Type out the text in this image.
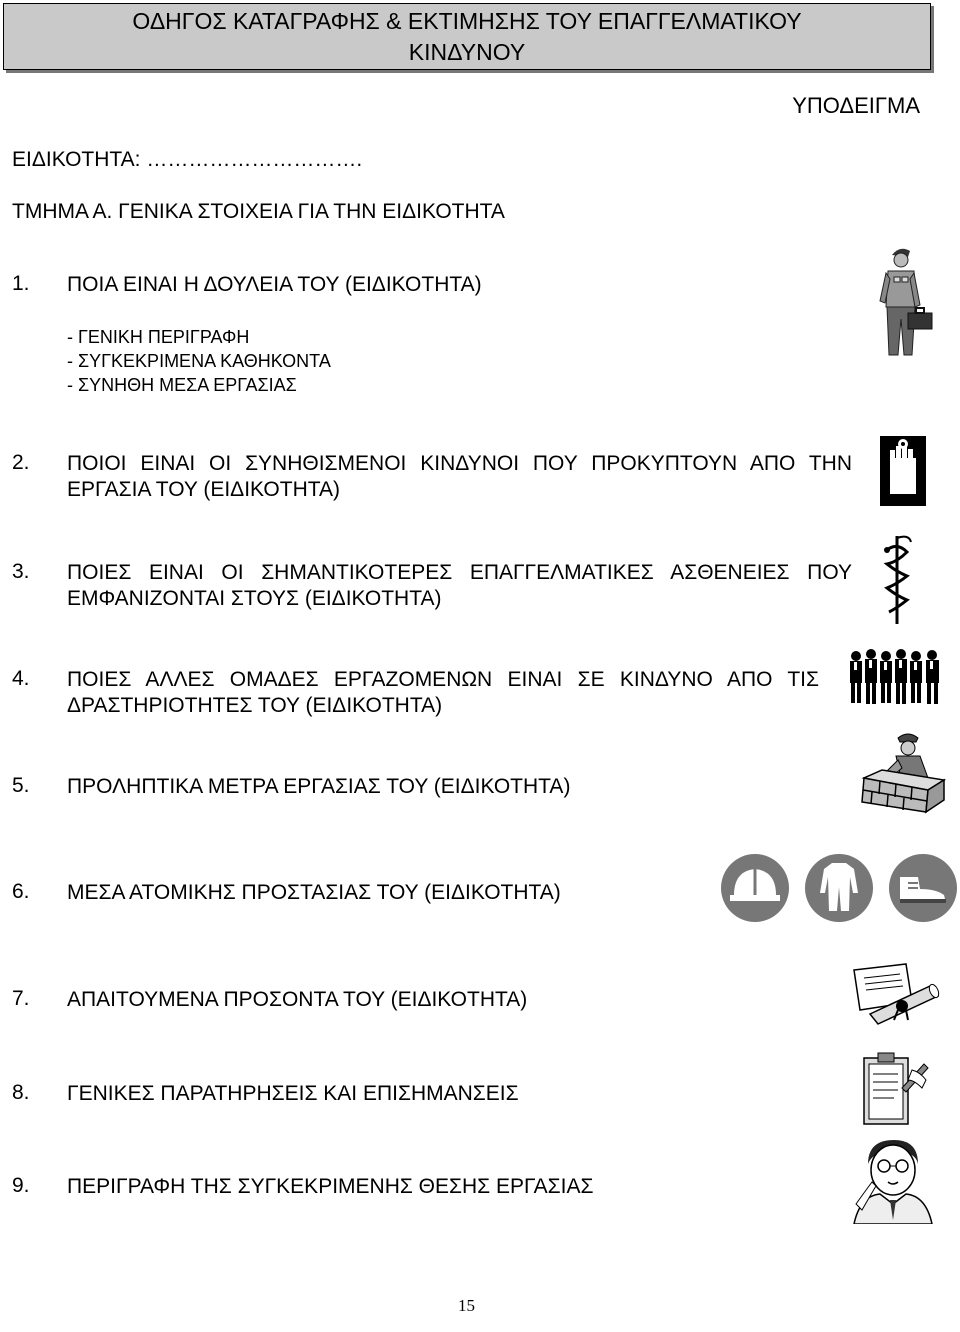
ΟΔΗΓΟΣ ΚΑΤΑΓΡΑΦΗΣ & ΕΚΤΙΜΗΣΗΣ ΤΟΥ ΕΠΑΓΓΕΛΜΑΤΙΚΟΥ
ΚΙΝΔΥΝΟΥ
ΥΠΟΔΕΙΓΜΑ
ΕΙΔΙΚΟΤΗΤΑ: ………………………….
ΤΜΗΜΑ Α. ΓΕΝΙΚΑ ΣΤΟΙΧΕΙΑ ΓΙΑ ΤΗΝ ΕΙΔΙΚΟΤΗΤΑ
1. ΠΟΙΑ ΕΙΝΑΙ Η ΔΟΥΛΕΙΑ ΤΟΥ (ΕΙΔΙΚΟΤΗΤΑ)
- ΓΕΝΙΚΗ ΠΕΡΙΓΡΑΦΗ
- ΣΥΓΚΕΚΡΙΜΕΝΑ ΚΑΘΗΚΟΝΤΑ
- ΣΥΝΗΘΗ ΜΕΣΑ ΕΡΓΑΣΙΑΣ
2. ΠΟΙΟΙ ΕΙΝΑΙ ΟΙ ΣΥΝΗΘΙΣΜΕΝΟΙ ΚΙΝΔΥΝΟΙ ΠΟΥ ΠΡΟΚΥΠΤΟΥΝ ΑΠΟ ΤΗΝ ΕΡΓΑΣΙΑ ΤΟΥ (ΕΙΔΙΚΟΤΗΤΑ)
3. ΠΟΙΕΣ ΕΙΝΑΙ ΟΙ ΣΗΜΑΝΤΙΚΟΤΕΡΕΣ ΕΠΑΓΓΕΛΜΑΤΙΚΕΣ ΑΣΘΕΝΕΙΕΣ ΠΟΥ ΕΜΦΑΝΙΖΟΝΤΑΙ ΣΤΟΥΣ (ΕΙΔΙΚΟΤΗΤΑ)
4. ΠΟΙΕΣ ΑΛΛΕΣ ΟΜΑΔΕΣ ΕΡΓΑΖΟΜΕΝΩΝ ΕΙΝΑΙ ΣΕ ΚΙΝΔΥΝΟ ΑΠΟ ΤΙΣ ΔΡΑΣΤΗΡΙΟΤΗΤΕΣ ΤΟΥ (ΕΙΔΙΚΟΤΗΤΑ)
5. ΠΡΟΛΗΠΤΙΚΑ ΜΕΤΡΑ ΕΡΓΑΣΙΑΣ ΤΟΥ (ΕΙΔΙΚΟΤΗΤΑ)
6. ΜΕΣΑ ΑΤΟΜΙΚΗΣ ΠΡΟΣΤΑΣΙΑΣ ΤΟΥ (ΕΙΔΙΚΟΤΗΤΑ)
7. ΑΠΑΙΤΟΥΜΕΝΑ ΠΡΟΣΟΝΤΑ ΤΟΥ (ΕΙΔΙΚΟΤΗΤΑ)
8. ΓΕΝΙΚΕΣ ΠΑΡΑΤΗΡΗΣΕΙΣ ΚΑΙ ΕΠΙΣΗΜΑΝΣΕΙΣ
9. ΠΕΡΙΓΡΑΦΗ ΤΗΣ ΣΥΓΚΕΚΡΙΜΕΝΗΣ ΘΕΣΗΣ ΕΡΓΑΣΙΑΣ
15
